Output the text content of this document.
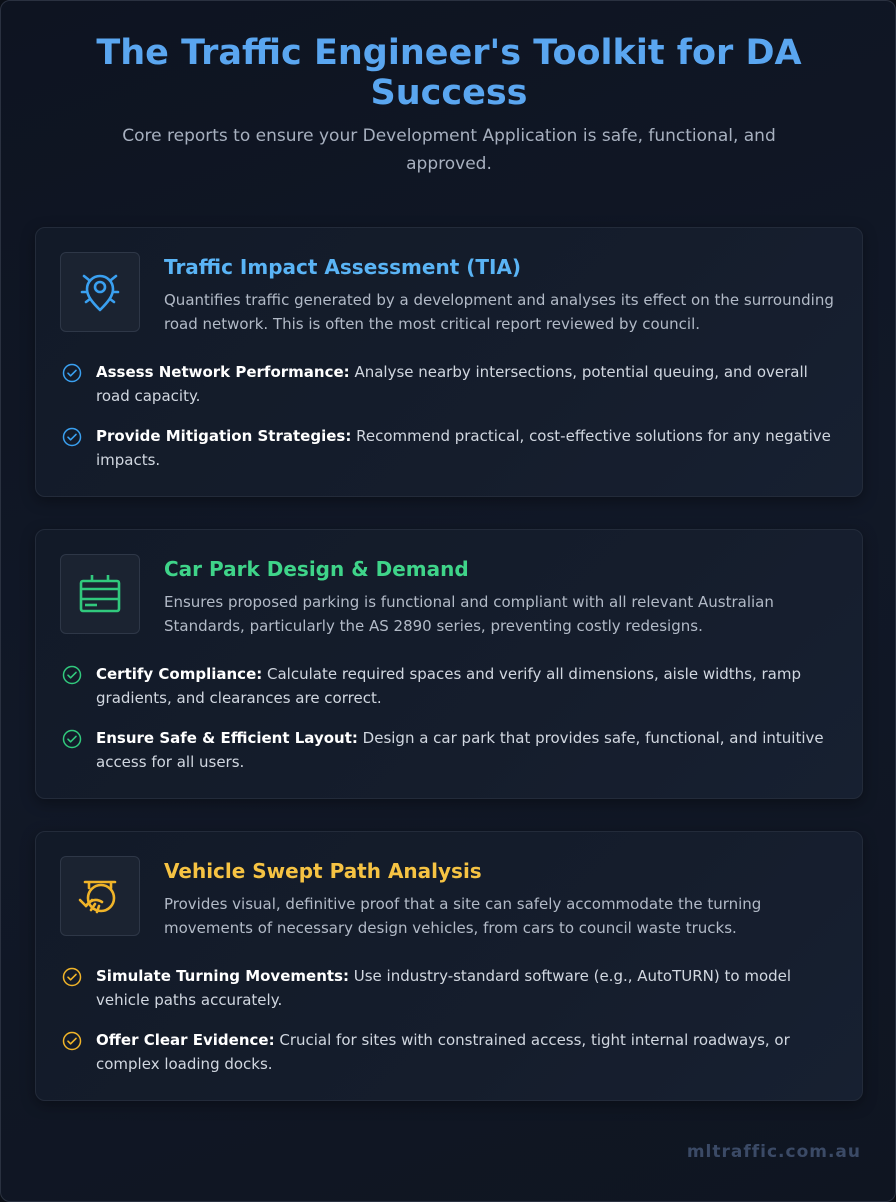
The Traffic Engineer's Toolkit for DA Success

Core reports to ensure your Development Application is safe, functional, and approved.

Traffic Impact Assessment (TIA)

Quantifies traffic generated by a development and analyses its effect on the surrounding road network. This is often the most critical report reviewed by council.

Assess Network Performance: Analyse nearby intersections, potential queuing, and overall road capacity.

Provide Mitigation Strategies: Recommend practical, cost-effective solutions for any negative impacts.

Car Park Design & Demand

Ensures proposed parking is functional and compliant with all relevant Australian Standards, particularly the AS 2890 series, preventing costly redesigns.

Certify Compliance: Calculate required spaces and verify all dimensions, aisle widths, ramp gradients, and clearances are correct.

Ensure Safe & Efficient Layout: Design a car park that provides safe, functional, and intuitive access for all users.

Vehicle Swept Path Analysis

Provides visual, definitive proof that a site can safely accommodate the turning movements of necessary design vehicles, from cars to council waste trucks.

Simulate Turning Movements: Use industry-standard software (e.g., AutoTURN) to model vehicle paths accurately.

Offer Clear Evidence: Crucial for sites with constrained access, tight internal roadways, or complex loading docks.

mltraffic.com.au
